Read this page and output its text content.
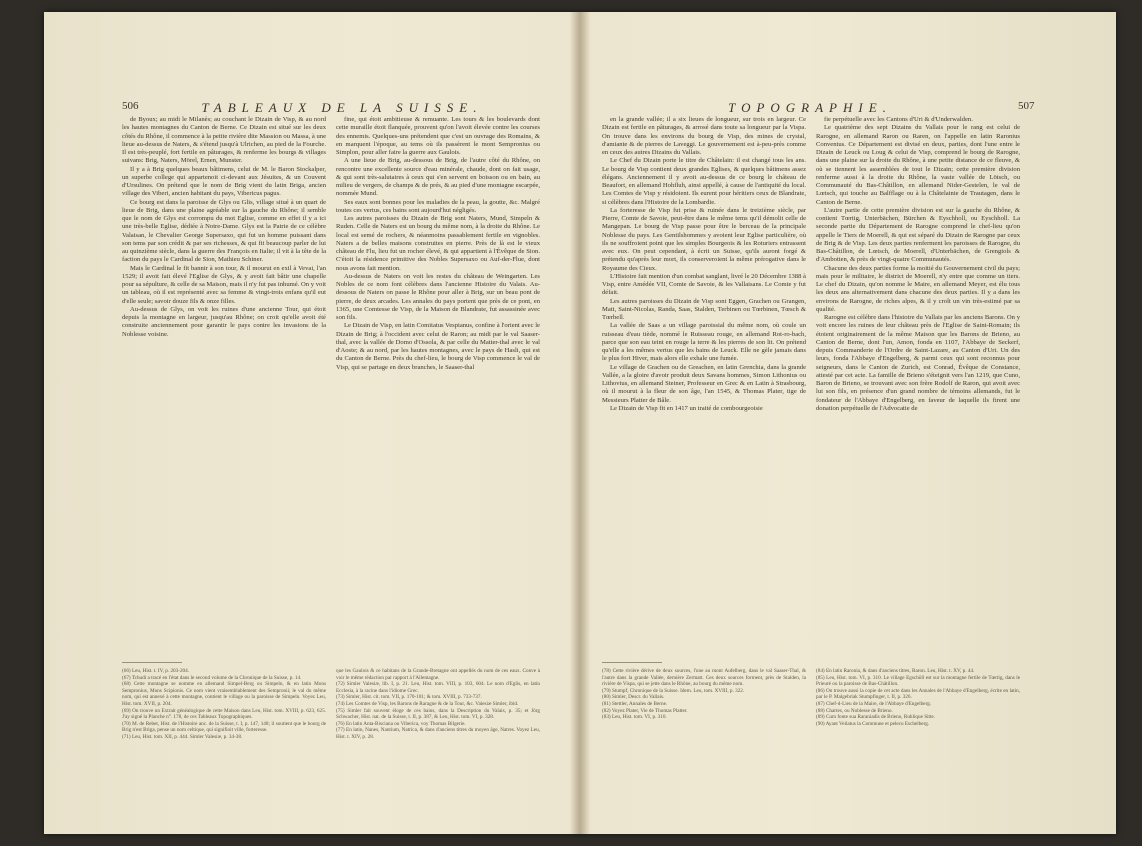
506	TABLEAUX DE LA SUISSE.

de Byoux; au midi le Milanès; au couchant le Dizain de Visp, & au nord les hautes montagnes du Canton de Berne. Ce Dizain est situé sur les deux côtés du Rhône, il commence à la petite rivière dite Massion ou Massa, à une lieue au-dessus de Naters, & s'étend jusqu'à Ulrichen, au pied de la Fourche. Il est très-peuplé, fort fertile en pâturages, & renferme les bourgs & villages suivans: Brig, Naters, Mörel, Ernen, Munster.

Il y a à Brig quelques beaux bâtimens, celui de M. le Baron Stockalper, un superbe college qui appartenoit ci-devant aux Jésuites, & un Couvent d'Ursulines. On prétend que le nom de Brig vient du latin Briga, ancien village des Viberi, ancien habitant du pays, Vibericus pagus.

Ce bourg est dans la paroisse de Glys ou Glis, village situé à un quart de lieue de Brig, dans une plaine agréable sur la gauche du Rhône; il semble que le nom de Glys est corrompu du mot Eglise, comme en effet il y a ici une très-belle Eglise, dédiée à Notre-Dame. Glys est la Patrie de ce célèbre Valaisan, le Chevalier George Supersaxo, qui fut un homme puissant dans son tems par son crédit & par ses richesses, & qui fit beaucoup parler de lui au quinzième siècle, dans la guerre des François en Italie; il vit à la tête de la faction du pays le Cardinal de Sion, Mathieu Schiner.

Mais le Cardinal le fit bannir à son tour, & il mourut en exil à Vevai, l'an 1529; il avoit fait élevé l'Eglise de Glys, & y avoit fait bâtir une chapelle pour sa sépulture, & celle de sa Maison, mais il n'y fut pas inhumé. On y voit un tableau, où il est représenté avec sa femme & vingt-trois enfans qu'il eut d'elle seule; savoir douze fils & onze filles.

Au-dessus de Glys, on voit les ruines d'une ancienne Tour, qui étoit depuis la montagne en largeur, jusqu'au Rhône; on croit qu'elle avoit été construite anciennement pour garantir le pays contre les invasions de la Noblesse voisine.

fine, qui étoit ambitieuse & remuante. Les tours & les boulevards dont cette muraille étoit flanquée, prouvent qu'on l'avoit élevée contre les courses des ennemis. Quelques-uns prétendent que c'est un ouvrage des Romains, & en marquent l'époque, au tems où ils passèrent le mont Sempronius ou Simplon, pour aller faire la guerre aux Gaulois.

A une lieue de Brig, au-dessous de Brig, de l'autre côté du Rhône, on rencontre une excellente source d'eau minérale, chaude, dont on fait usage, & qui sont très-salutaires à ceux qui s'en servent en boisson ou en bain, au milieu de vergers, de champs & de prés, & au pied d'une montagne escarpée, nommée Mund.

Ses eaux sont bonnes pour les maladies de la peau, la goutte, &c. Malgré toutes ces vertus, ces bains sont aujourd'hui négligés.

Les autres paroisses du Dizain de Brig sont Naters, Mund, Simpeln & Ruden. Celle de Naters est un bourg du même nom, à la droite du Rhône. Le local est semé de rochers, & néanmoins passablement fertile en vignobles. Naters a de belles maisons construites en pierre. Près de là est le vieux château de Flu, lieu fut un rocher élevé, & qui appartient à l'Évêque de Sion. C'étoit la résidence primitive des Nobles Supersaxo ou Auf-der-Flue, dont nous avons fait mention.

Au-dessus de Naters on voit les restes du château de Weingarten. Les Nobles de ce nom font célèbres dans l'ancienne Histoire du Valais. Au-dessous de Naters on passe le Rhône pour aller à Brig, sur un beau pont de pierre, de deux arcades. Les annales du pays portent que près de ce pont, en 1365, une Comtesse de Visp, de la Maison de Blandrate, fut assassinée avec son fils.

Le Dizain de Visp, en latin Comitatus Vespianus, confine à l'orient avec le Dizain de Brig; à l'occident avec celui de Raron; au midi par le val Saaser-thal, avec la vallée de Domo d'Ossola, & par celle du Matter-thal avec le val d'Aoste; & au nord, par les hautes montagnes, avec le pays de Hasli, qui est du Canton de Berne. Près du chef-lieu, le bourg de Visp commence le val de Visp, qui se partage en deux branches, le Saaser-thal

(66) Leu, Hist. t. IV, p. 203-204.

(67) Tchudi a tracé en l'état dans le second volume de la Chronique de la Suisse, p. 14.

(68) Cette montagne se nomme en allemand Simpel-Berg ou Simpeln, & en latin Mons Sempronius, Mons Scipionis. Ce nom vient vraisemblablement des Sempronii; le val du même nom, qui est annexé à cette montagne, contient le village ou la paroisse de Simpeln. Voyez Leu, Hist. tom. XVII, p. 204.

(69) On trouve un Extrait généalogique de cette Maison dans Leu, Hist. tom. XVIII, p. 623, 625. J'ay signé la Planche n°. 178, de ces Tableaux Topographiques.

(70) M. de Rebet, Hist. de l'Histoire anc. de la Suisse, t. I, p. 147, 148; il soutient que le bourg de Brig n'est Briga, pense un nom celtique, qui signifioit ville, forteresse.

(71) Leu, Hist. tom. XII, p. 444. Simler Valesiæ, p. 34-38.

que les Gaulois & ce habitans de la Grande-Bretagne ont appellés du nom de ces eaux. Conve à voir le même rédaction par rapport à l'Allemagne.

(72) Simler Valesiæ, lib. I, p. 21. Leu, Hist. tom. VIII, p. 103, 604. Le nom d'Eglis, en latin Ecclesia, à la racine dans l'idiome Grec.

(73) Simler, Hist. cit. tom. VII, p. 170-181; & tom. XVIII, p. 733-737.

(74) Les Comtes de Visp, les Barons de Raragne & de la Tour, &c. Valesiæ Simler, ibid.

(75) Simler fait souvent éloge de ces bains, dans la Description du Valais, p. 35; et Jörg Schwacher, Hist. nat. de la Suisse, t. II, p. 387, & Leu, Hist. tom. VI, p. 328.

(76) En latin Anta-Bisciana ou Viberica, voy Thomas Bilgerie.

(77) En latin, Nanes, Nantium, Natrica, & dans d'anciens titres du moyen âge, Natres. Voyez Leu, Hist. t. XIV, p. 28.

TOPOGRAPHIE.	507

en la grande vallée; il a six lieues de longueur, sur trois en largeur. Ce Dizain est fertile en pâturages, & arrosé dans toute sa longueur par la Vispa. On trouve dans les environs du bourg de Visp, des mines de crystal, d'amiante & de pierres de Laveggi. Le gouvernement est à-peu-près comme en ceux des autres Dizains du Vallais.

Le Chef du Dizain porte le titre de Châtelain: il est changé tous les ans. Le bourg de Visp contient deux grandes Eglises, & quelques bâtimens assez élégans. Anciennement il y avoit au-dessus de ce bourg le château de Beaufort, en allemand Hohfluh, ainsi appellé, à cause de l'antiquité du local. Les Comtes de Visp y résidoient. Ils eurent pour héritiers ceux de Blandrate, si célèbres dans l'Histoire de la Lombardie.

La forteresse de Visp fut prise & ruinée dans le treizième siècle, par Pierre, Comte de Savoie, peut-être dans le même tems qu'il démolit celle de Mangepan. Le bourg de Visp passe pour être le berceau de la principale Noblesse du pays. Les Gentilshommes y avoient leur Eglise particulière, où ils ne souffroient point que les simples Bourgeois & les Roturiers entrassent avec eux. On peut cependant, à écrit un Suisse, qu'ils auront forgé & prétendu qu'après leur mort, ils conserveroient la même prérogative dans le Royaume des Cieux.

L'Histoire fait mention d'un combat sanglant, livré le 20 Décembre 1388 à Visp, entre Amédée VII, Comte de Savoie, & les Vallaisans. Le Comte y fut défait.

Les autres paroisses du Dizain de Visp sont Eggen, Grachen ou Grangen, Matt, Saint-Nicolas, Randa, Saas, Stalden, Terbinen ou Tœrbinen, Tœsch & Tœrbell.

La vallée de Saas a un village paroissial du même nom, où coule un ruisseau d'eau tiède, nommé le Ruisseau rouge, en allemand Rot-ro-bach, parce que son eau teint en rouge la terre & les pierres de son lit. On prétend qu'elle a les mêmes vertus que les bains de Leuck. Elle ne gèle jamais dans le plus fort Hiver, mais alors elle exhale une fumée.

Le village de Grachen ou de Greachen, en latin Grenchia, dans la grande Vallée, a la gloire d'avoir produit deux Savans hommes, Simon Lithonius ou Lithovius, en allemand Steiner, Professeur en Grec & en Latin à Strasbourg, où il mourut à la fleur de son âge, l'an 1545, & Thomas Plater, tige de Messieurs Platter de Bâle.

Le Dizain de Visp fit en 1417 un traité de combourgeoisie

fie perpétuelle avec les Cantons d'Uri & d'Underwalden.

Le quatrième des sept Dizains du Vallais pour le rang est celui de Rarogne, en allemand Raron ou Raren, on l'appelle en latin Raronius Conventus. Ce Département est divisé en deux, parties, dont l'une entre le Dizain de Leuck ou Loug & celui de Visp, comprend le bourg de Rarogne, dans une plaine sur la droite du Rhône, à une petite distance de ce fleuve, & où se tiennent les assemblées de tout le Dizain; cette première division renferme aussi à la droite du Rhône, la vaste vallée de Lötsch, ou Communauté du Bas-Châtillon, en allemand Nider-Gestelen, le val de Lœtsch, qui touche au Balfflage ou à la Châtelainie de Trautagen, dans le Canton de Berne.

L'autre partie de cette première division est sur la gauche du Rhône, & contient Tœrtig, Unterbächen, Bürchen & Eyschholl, ou Eyschholl. La seconde partie du Département de Rarogne comprend le chef-lieu qu'on appelle le Tiers de Moerell, & qui est séparé du Dizain de Rarogne par ceux de Brig & de Visp. Les deux parties renferment les paroisses de Rarogne, du Bas-Châtillon, de Lœtsch, de Moerell, d'Unterbächen, de Grengiols & d'Ambotten, & près de vingt-quatre Communautés.

Chacune des deux parties forme la moitié du Gouvernement civil du pays; mais pour le militaire, le district de Moerell, n'y entre que comme un tiers. Le chef du Dizain, qu'on nomme le Maire, en allemand Meyer, est élu tous les deux ans alternativement dans chacune des deux parties. Il y a dans les environs de Rarogne, de riches alpes, & il y croît un vin très-estimé par sa qualité.

Rarogne est célèbre dans l'histoire du Vallais par les anciens Barons. On y voit encore les ruines de leur château près de l'Eglise de Saint-Romain; ils étoient originairement de la même Maison que les Barons de Brieno, au Canton de Berne, dont l'un, Amon, fonda en 1107, l'Abbaye de Seckerf, depuis Commanderie de l'Ordre de Saint-Lazare, au Canton d'Uri. Un des leurs, fonda l'Abbaye d'Engelberg, & parmi ceux qui sont reconnus pour seigneurs, dans le Canton de Zurich, est Conrad, Évêque de Constance, attesté par cet acte. La famille de Brieno s'éteignit vers l'an 1219, que Cuno, Baron de Brieno, se trouvant avec son frère Rodolf de Raron, qui avoit avec lui son fils, en présence d'un grand nombre de témoins allemands, fut le fondateur de l'Abbaye d'Engelberg, en faveur de laquelle ils firent une donation perpétuelle de l'Advocatie de

(78) Cette rivière dérive de deux sources, l'une au mont Aufelberg, dans le val Saaser-Thal, & l'autre dans la grande Vallée, dernière Zermatt. Ces deux sources forment, près de Stalden, la rivière de Vispa, qui se jette dans le Rhône, au bourg du même nom.

(79) Stumpf, Chronique de la Suisse. Idem. Leu, tom. XVIII, p. 322.

(80) Simler, Descr. du Vallais.

(81) Stettler, Annales de Berne.

(82) Voyez Plater, Vie de Thomas Platter.

(83) Leu, Hist. tom. VI, p. 310.

(84) En latin Raronia, & dans d'anciens titres, Raron. Leu, Hist. t. XV, p. 44.

(85) Leu, Hist. tom. VI, p. 310. Le village Egschöll est sur la montagne fertile de Tœrtig, dans le Prieuré ou la paroisse de Bas-Châtillon.

(86) On trouve aussi la copie de cet acte dans les Annales de l'Abbaye d'Engelberg, écrite en latin, par le P. Malgebriak Stumpfinger, t. II, p. 326.

(87) Chef-d-Lieu de la Maire, de l'Abbaye d'Engelberg.

(88) Chartes, ou Noblesse de Brieno.

(89) Cum fonte sua Raraniadis de Brieno, Ruhlique Sitte.

(90) Ayant Veilatus la Commune et pelecu Eschelberg.
